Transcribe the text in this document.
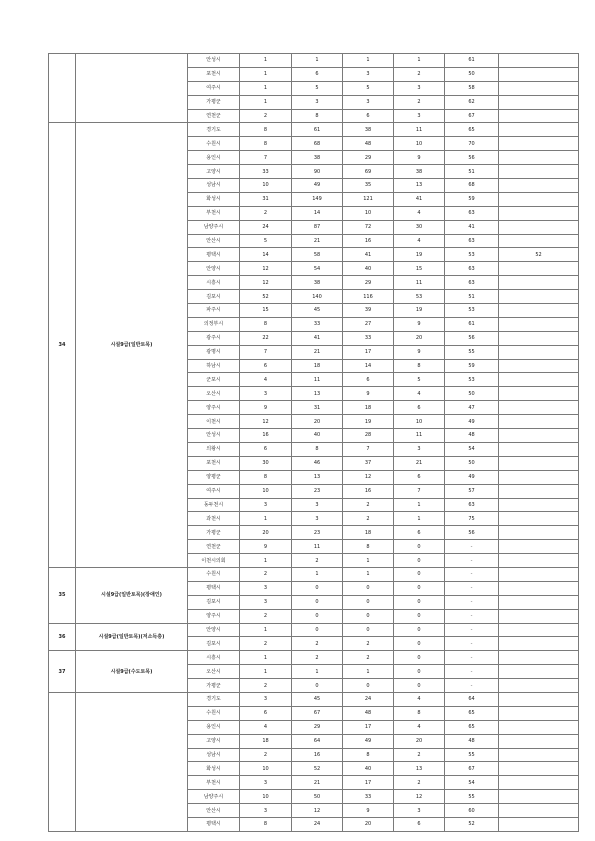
		안성시	1	1	1	1	61	
		포천시	1	6	3	2	50	
		여주시	1	5	5	3	58	
		가평군	1	3	3	2	62	
		연천군	2	8	6	3	67	
34	시설9급(일반토목)	경기도	8	61	38	11	65	
		수원시	8	68	48	10	70	
		용인시	7	38	29	9	56	
		고양시	33	90	69	38	51	
		성남시	10	49	35	13	68	
		화성시	31	149	121	41	59	
		부천시	2	14	10	4	63	
		남양주시	24	87	72	30	41	
		안산시	5	21	16	4	63	
		평택시	14	58	41	19	53	52
		안양시	12	54	40	15	63	
		시흥시	12	38	29	11	63	
		김포시	52	140	116	53	51	
		파주시	15	45	39	19	53	
		의정부시	8	33	27	9	61	
		광주시	22	41	33	20	56	
		광명시	7	21	17	9	55	
		하남시	6	18	14	8	59	
		군포시	4	11	6	5	53	
		오산시	3	13	9	4	50	
		양주시	9	31	18	6	47	
		이천시	12	20	19	10	49	
		안성시	16	40	28	11	48	
		의왕시	6	8	7	3	54	
		포천시	30	46	37	21	50	
		양평군	8	13	12	6	49	
		여주시	10	23	16	7	57	
		동두천시	3	3	2	1	63	
		과천시	1	3	2	1	75	
		가평군	20	23	18	6	56	
		연천군	9	11	8	0	-	
		이천시의회	1	2	1	0	-	
35	시설9급(일반토목)(장애인)	수원시	2	1	1	0	-	
		평택시	3	0	0	0	-	
		김포시	3	0	0	0	-	
		양주시	2	0	0	0	-	
36	시설9급(일반토목)(저소득층)	안양시	1	0	0	0	-	
		김포시	2	2	2	0	-	
37	시설9급(수도토목)	시흥시	1	2	2	0	-	
		오산시	1	1	1	0	-	
		가평군	2	0	0	0	-	
		경기도	3	45	24	4	64	
		수원시	6	67	48	8	65	
		용인시	4	29	17	4	65	
		고양시	18	64	49	20	48	
		성남시	2	16	8	2	55	
		화성시	10	52	40	13	67	
		부천시	3	21	17	2	54	
		남양주시	10	50	33	12	55	
		안산시	3	12	9	3	60	
		평택시	8	24	20	6	52	
